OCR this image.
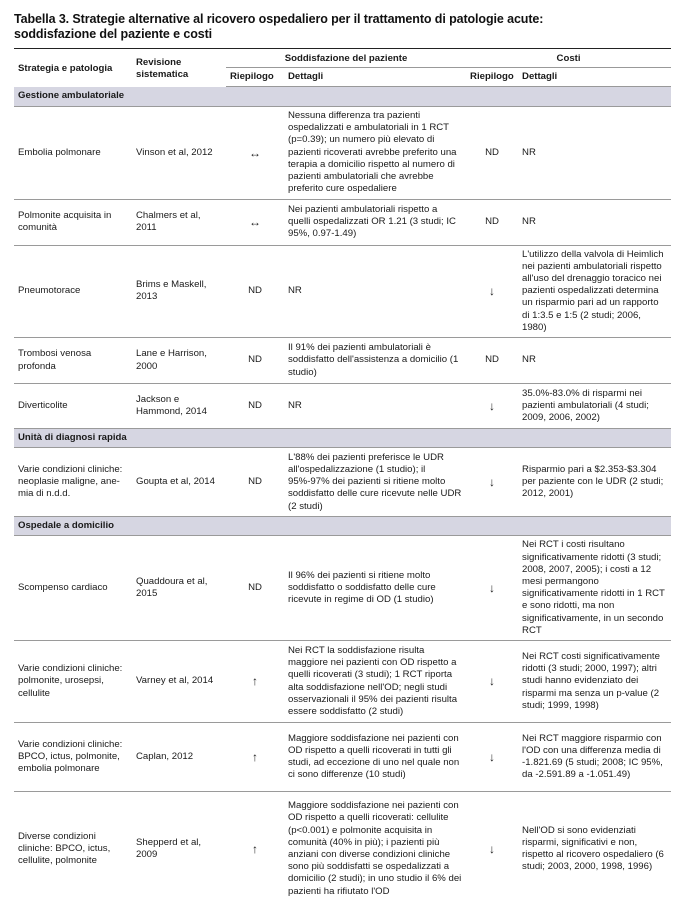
Tabella 3. Strategie alternative al ricovero ospedaliero per il trattamento di patologie acute:
soddisfazione del paziente e costi
Strategia e patologia	Revisione sistematica	Soddisfazione del paziente		Costi	
		Riepilogo	Dettagli	Riepilogo	Dettagli
Gestione ambulatoriale					
Embolia polmonare	Vinson et al, 2012	↔	Nessuna differenza tra pazienti ospedalizzati e ambulatoriali in 1 RCT (p=0.39); un numero più elevato di pazienti ricoverati avrebbe preferito una terapia a domicilio rispetto al numero di pazienti ambulatoriali che avrebbe preferito cure ospedaliere	ND	NR
Polmonite acquisita in comunità	Chalmers et al, 2011	↔	Nei pazienti ambulatoriali rispetto a quelli ospedalizzati OR 1.21 (3 studi; IC 95%, 0.97-1.49)	ND	NR
Pneumotorace	Brims e Maskell, 2013	ND	NR	↓	L'utilizzo della valvola di Heimlich nei pazienti ambulatoriali rispetto all'uso del drenaggio toracico nei pazienti ospedalizzati determina un risparmio pari ad un rapporto di 1:3.5 e 1:5 (2 studi; 2006, 1980)
Trombosi venosa profonda	Lane e Harrison, 2000	ND	Il 91% dei pazienti ambulatoriali è soddisfatto dell'assistenza a domicilio (1 studio)	ND	NR
Diverticolite	Jackson e Hammond, 2014	ND	NR	↓	35.0%-83.0% di risparmi nei pazienti ambulatoriali (4 studi; 2009, 2006, 2002)
Unità di diagnosi rapida					
Varie condizioni cliniche: neoplasie maligne, ane-mia di n.d.d.	Goupta et al, 2014	ND	L'88% dei pazienti preferisce le UDR all'ospedalizzazione (1 studio); il 95%-97% dei pazienti si ritiene molto soddisfatto delle cure ricevute nelle UDR (2 studi)	↓	Risparmio pari a $2.353-$3.304 per paziente con le UDR (2 studi; 2012, 2001)
Ospedale a domicilio					
Scompenso cardiaco	Quaddoura et al, 2015	ND	Il 96% dei pazienti si ritiene molto soddisfatto o soddisfatto delle cure ricevute in regime di OD (1 studio)	↓	Nei RCT i costi risultano significativamente ridotti (3 studi; 2008, 2007, 2005); i costi a 12 mesi permangono significativamente ridotti in 1 RCT e sono ridotti, ma non significativamente, in un secondo RCT
Varie condizioni cliniche: polmonite, urosepsi, cellulite	Varney et al, 2014	↑	Nei RCT la soddisfazione risulta maggiore nei pazienti con OD rispetto a quelli ricoverati (3 studi); 1 RCT riporta alta soddisfazione nell'OD; negli studi osservazionali il 95% dei pazienti risulta essere soddisfatto (2 studi)	↓	Nei RCT costi significativamente ridotti (3 studi; 2000, 1997); altri studi hanno evidenziato dei risparmi ma senza un p-value (2 studi; 1999, 1998)
Varie condizioni cliniche: BPCO, ictus, polmonite, embolia polmonare	Caplan, 2012	↑	Maggiore soddisfazione nei pazienti con OD rispetto a quelli ricoverati in tutti gli studi, ad eccezione di uno nel quale non ci sono differenze (10 studi)	↓	Nei RCT maggiore risparmio con l'OD con una differenza media di -1.821.69 (5 studi; 2008; IC 95%, da -2.591.89 a -1.051.49)
Diverse condizioni cliniche: BPCO, ictus, cellulite, polmonite	Shepperd et al, 2009	↑	Maggiore soddisfazione nei pazienti con OD rispetto a quelli ricoverati: cellulite (p<0.001) e polmonite acquisita in comunità (40% in più); i pazienti più anziani con diverse condizioni cliniche sono più soddisfatti se ospedalizzati a domicilio (2 studi); in uno studio il 6% dei pazienti ha rifiutato l'OD	↓	Nell'OD si sono evidenziati risparmi, significativi e non, rispetto al ricovero ospedaliero (6 studi; 2003, 2000, 1998, 1996)
